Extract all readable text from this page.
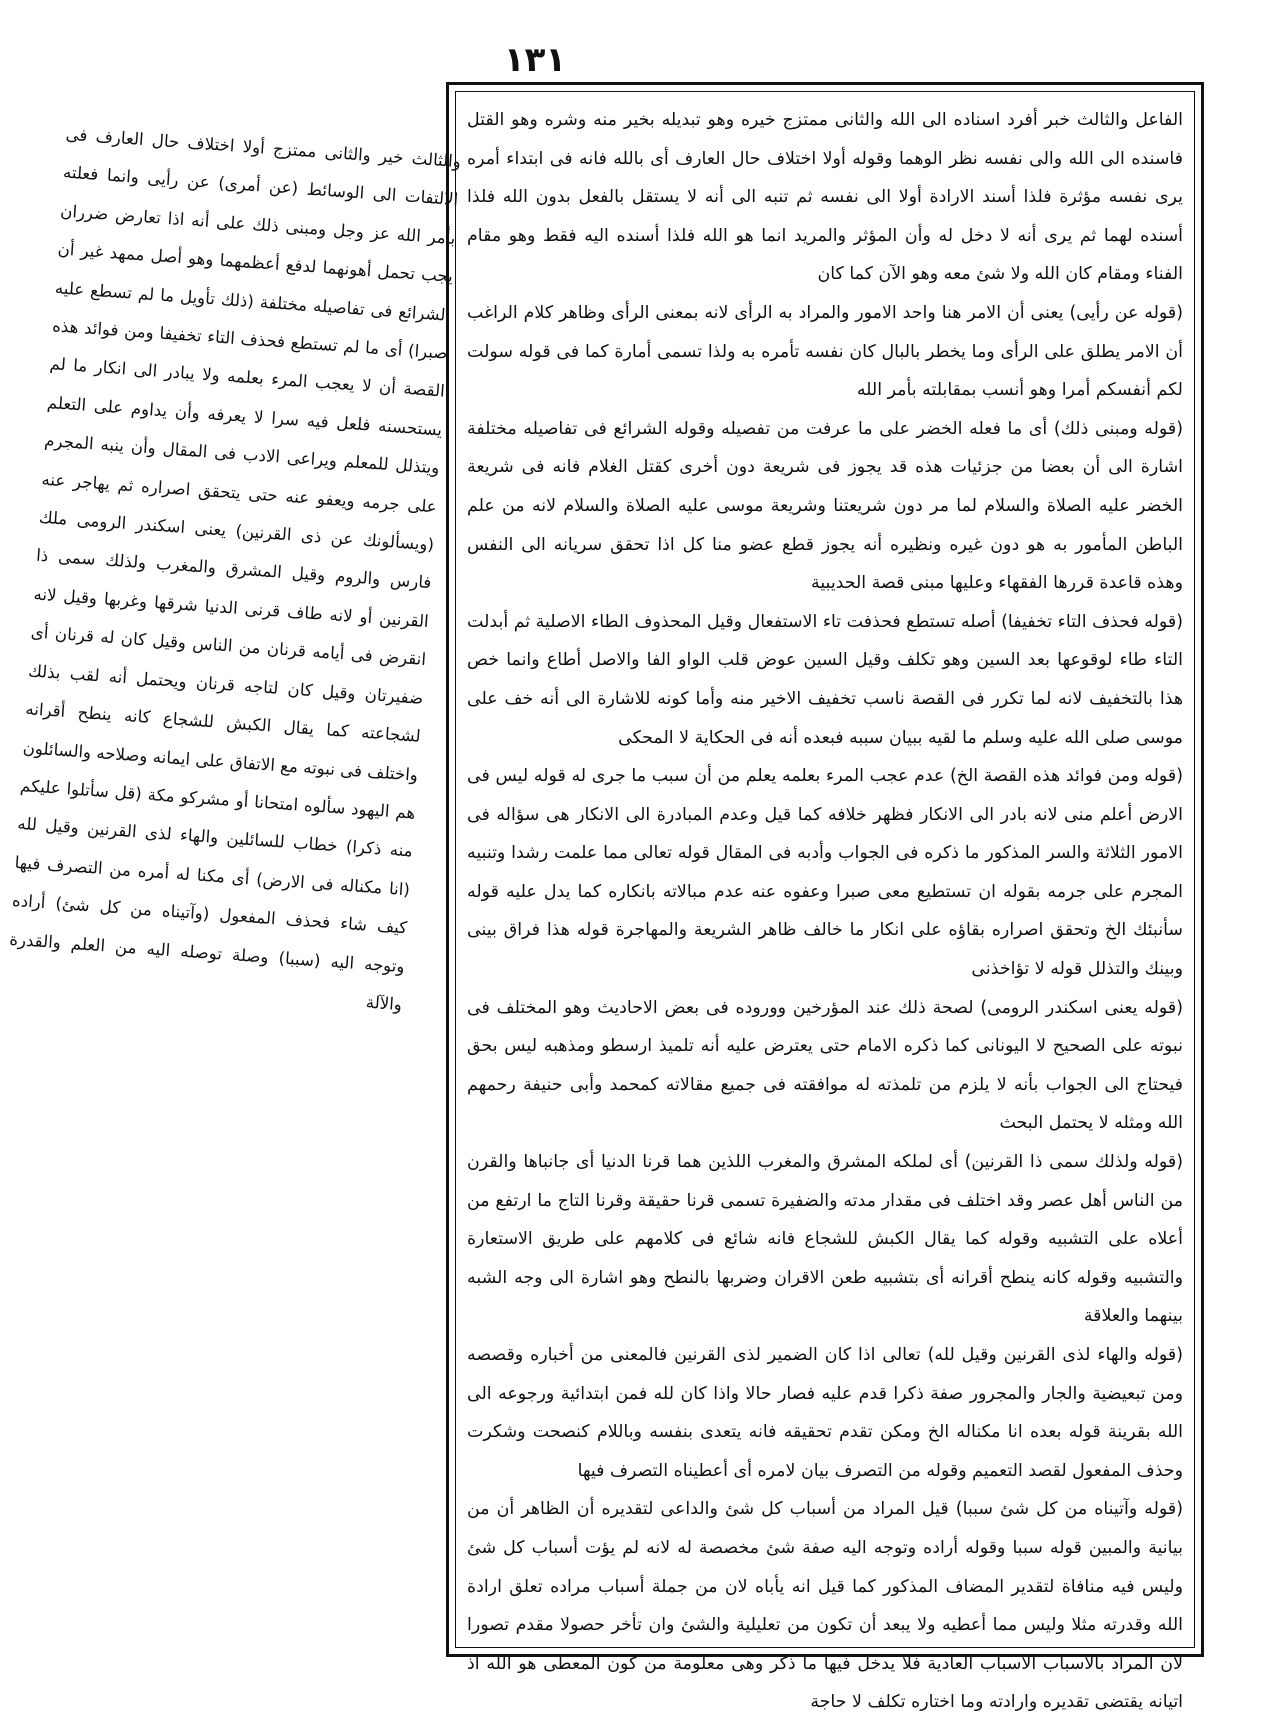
١٣١

والثالث خير والثانى ممتزج أولا اختلاف حال العارف فى الالتفات الى الوسائط (عن أمرى) عن رأيى وانما فعلته بأمر الله عز وجل ومبنى ذلك على أنه اذا تعارض ضرران يجب تحمل أهونهما لدفع أعظمهما وهو أصل ممهد غير أن الشرائع فى تفاصيله مختلفة (ذلك تأويل ما لم تسطع عليه صبرا) أى ما لم تستطع فحذف التاء تخفيفا ومن فوائد هذه القصة أن لا يعجب المرء بعلمه ولا يبادر الى انكار ما لم يستحسنه فلعل فيه سرا لا يعرفه وأن يداوم على التعلم ويتذلل للمعلم ويراعى الادب فى المقال وأن ينبه المجرم على جرمه ويعفو عنه حتى يتحقق اصراره ثم يهاجر عنه (ويسألونك عن ذى القرنين) يعنى اسكندر الرومى ملك فارس والروم وقيل المشرق والمغرب ولذلك سمى ذا القرنين أو لانه طاف قرنى الدنيا شرقها وغربها وقيل لانه انقرض فى أيامه قرنان من الناس وقيل كان له قرنان أى ضفيرتان وقيل كان لتاجه قرنان ويحتمل أنه لقب بذلك لشجاعته كما يقال الكبش للشجاع كانه ينطح أقرانه واختلف فى نبوته مع الاتفاق على ايمانه وصلاحه والسائلون هم اليهود سألوه امتحانا أو مشركو مكة (قل سأتلوا عليكم منه ذكرا) خطاب للسائلين والهاء لذى القرنين وقيل لله (انا مكناله فى الارض) أى مكنا له أمره من التصرف فيها كيف شاء فحذف المفعول (وآتيناه من كل شئ) أراده وتوجه اليه (سببا) وصلة توصله اليه من العلم والقدرة والآلة

الفاعل والثالث خبر أفرد اسناده الى الله والثانى ممتزج خيره وهو تبديله بخير منه وشره وهو القتل فاسنده الى الله والى نفسه نظر الوهما وقوله أولا اختلاف حال العارف أى بالله فانه فى ابتداء أمره يرى نفسه مؤثرة فلذا أسند الارادة أولا الى نفسه ثم تنبه الى أنه لا يستقل بالفعل بدون الله فلذا أسنده لهما ثم يرى أنه لا دخل له وأن المؤثر والمريد انما هو الله فلذا أسنده اليه فقط وهو مقام الفناء ومقام كان الله ولا شئ معه وهو الآن كما كان

(قوله عن رأيى) يعنى أن الامر هنا واحد الامور والمراد به الرأى لانه بمعنى الرأى وظاهر كلام الراغب أن الامر يطلق على الرأى وما يخطر بالبال كان نفسه تأمره به ولذا تسمى أمارة كما فى قوله سولت لكم أنفسكم أمرا وهو أنسب بمقابلته بأمر الله

(قوله ومبنى ذلك) أى ما فعله الخضر على ما عرفت من تفصيله وقوله الشرائع فى تفاصيله مختلفة اشارة الى أن بعضا من جزئيات هذه قد يجوز فى شريعة دون أخرى كقتل الغلام فانه فى شريعة الخضر عليه الصلاة والسلام لما مر دون شريعتنا وشريعة موسى عليه الصلاة والسلام لانه من علم الباطن المأمور به هو دون غيره ونظيره أنه يجوز قطع عضو منا كل اذا تحقق سريانه الى النفس وهذه قاعدة قررها الفقهاء وعليها مبنى قصة الحديبية

(قوله فحذف التاء تخفيفا) أصله تستطع فحذفت تاء الاستفعال وقيل المحذوف الطاء الاصلية ثم أبدلت التاء طاء لوقوعها بعد السين وهو تكلف وقيل السين عوض قلب الواو الفا والاصل أطاع وانما خص هذا بالتخفيف لانه لما تكرر فى القصة ناسب تخفيف الاخير منه وأما كونه للاشارة الى أنه خف على موسى صلى الله عليه وسلم ما لقيه ببيان سببه فبعده أنه فى الحكاية لا المحكى

(قوله ومن فوائد هذه القصة الخ) عدم عجب المرء بعلمه يعلم من أن سبب ما جرى له قوله ليس فى الارض أعلم منى لانه بادر الى الانكار فظهر خلافه كما قيل وعدم المبادرة الى الانكار هى سؤاله فى الامور الثلاثة والسر المذكور ما ذكره فى الجواب وأدبه فى المقال قوله تعالى مما علمت رشدا وتنبيه المجرم على جرمه بقوله ان تستطيع معى صبرا وعفوه عنه عدم مبالاته بانكاره كما يدل عليه قوله سأنبئك الخ وتحقق اصراره بقاؤه على انكار ما خالف ظاهر الشريعة والمهاجرة قوله هذا فراق بينى وبينك والتذلل قوله لا تؤاخذنى

(قوله يعنى اسكندر الرومى) لصحة ذلك عند المؤرخين ووروده فى بعض الاحاديث وهو المختلف فى نبوته على الصحيح لا اليونانى كما ذكره الامام حتى يعترض عليه أنه تلميذ ارسطو ومذهبه ليس بحق فيحتاج الى الجواب بأنه لا يلزم من تلمذته له موافقته فى جميع مقالاته كمحمد وأبى حنيفة رحمهم الله ومثله لا يحتمل البحث

(قوله ولذلك سمى ذا القرنين) أى لملكه المشرق والمغرب اللذين هما قرنا الدنيا أى جانباها والقرن من الناس أهل عصر وقد اختلف فى مقدار مدته والضفيرة تسمى قرنا حقيقة وقرنا التاج ما ارتفع من أعلاه على التشبيه وقوله كما يقال الكبش للشجاع فانه شائع فى كلامهم على طريق الاستعارة والتشبيه وقوله كانه ينطح أقرانه أى بتشبيه طعن الاقران وضربها بالنطح وهو اشارة الى وجه الشبه بينهما والعلاقة

(قوله والهاء لذى القرنين وقيل لله) تعالى اذا كان الضمير لذى القرنين فالمعنى من أخباره وقصصه ومن تبعيضية والجار والمجرور صفة ذكرا قدم عليه فصار حالا واذا كان لله فمن ابتدائية ورجوعه الى الله بقرينة قوله بعده انا مكناله الخ ومكن تقدم تحقيقه فانه يتعدى بنفسه وباللام كنصحت وشكرت وحذف المفعول لقصد التعميم وقوله من التصرف بيان لامره أى أعطيناه التصرف فيها

(قوله وآتيناه من كل شئ سببا) قيل المراد من أسباب كل شئ والداعى لتقديره أن الظاهر أن من بيانية والمبين قوله سببا وقوله أراده وتوجه اليه صفة شئ مخصصة له لانه لم يؤت أسباب كل شئ وليس فيه منافاة لتقدير المضاف المذكور كما قيل انه يأباه لان من جملة أسباب مراده تعلق ارادة الله وقدرته مثلا وليس مما أعطيه ولا يبعد أن تكون من تعليلية والشئ وان تأخر حصولا مقدم تصورا لان المراد بالاسباب الاسباب العادية فلا يدخل فيها ما ذكر وهى معلومة من كون المعطى هو الله اذ اتيانه يقتضى تقديره وارادته وما اختاره تكلف لا حاجة
